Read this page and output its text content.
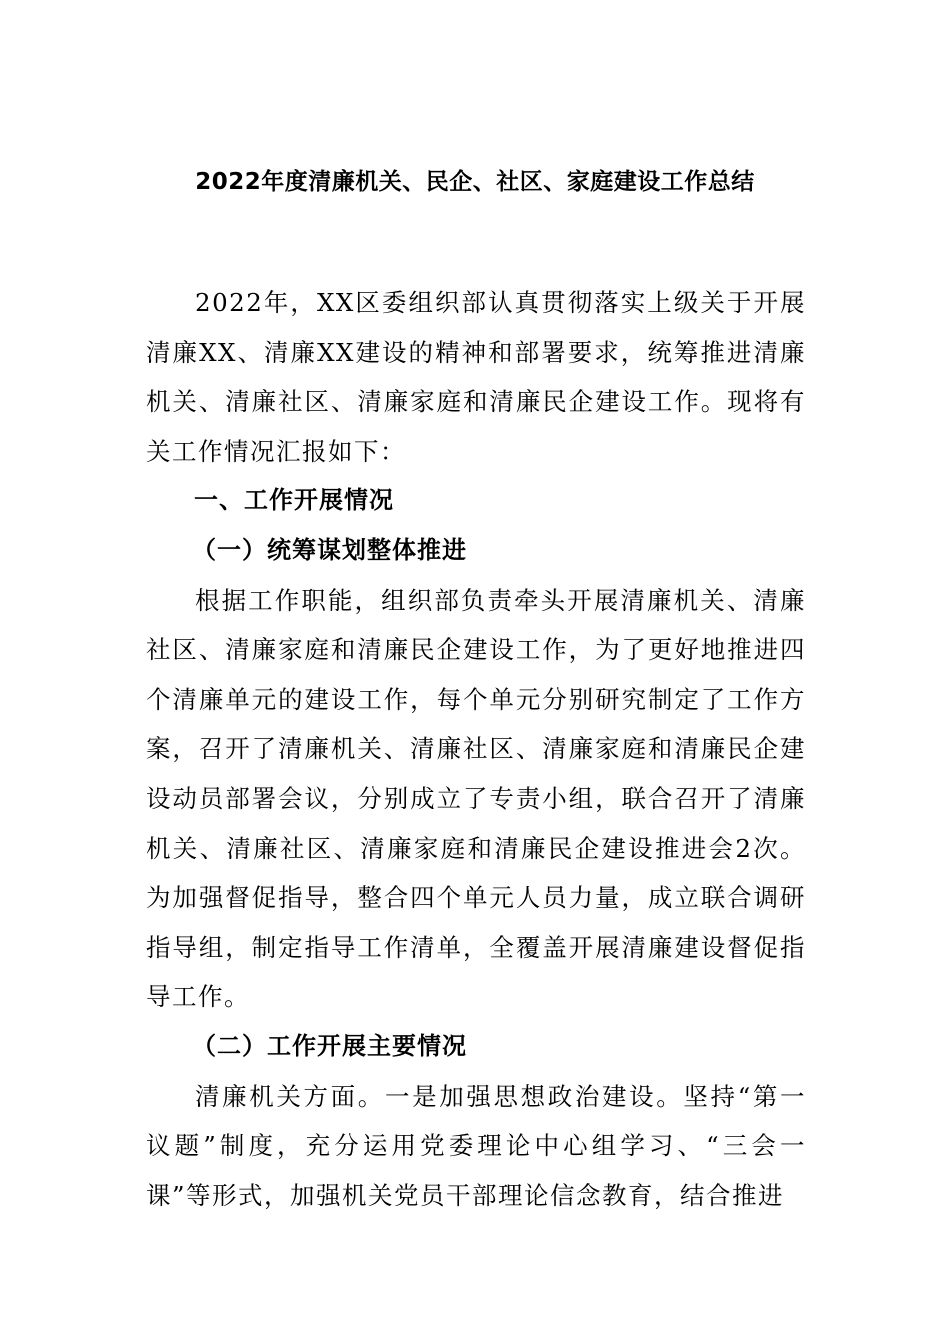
2022年度清廉机关、民企、社区、家庭建设工作总结

2022年，XX区委组织部认真贯彻落实上级关于开展清廉XX、清廉XX建设的精神和部署要求，统筹推进清廉机关、清廉社区、清廉家庭和清廉民企建设工作。现将有关工作情况汇报如下：

一、工作开展情况

（一）统筹谋划整体推进

根据工作职能，组织部负责牵头开展清廉机关、清廉社区、清廉家庭和清廉民企建设工作，为了更好地推进四个清廉单元的建设工作，每个单元分别研究制定了工作方案，召开了清廉机关、清廉社区、清廉家庭和清廉民企建设动员部署会议，分别成立了专责小组，联合召开了清廉机关、清廉社区、清廉家庭和清廉民企建设推进会2次。为加强督促指导，整合四个单元人员力量，成立联合调研指导组，制定指导工作清单，全覆盖开展清廉建设督促指导工作。

（二）工作开展主要情况

清廉机关方面。一是加强思想政治建设。坚持“第一议题”制度，充分运用党委理论中心组学习、“三会一课”等形式，加强机关党员干部理论信念教育，结合推进
